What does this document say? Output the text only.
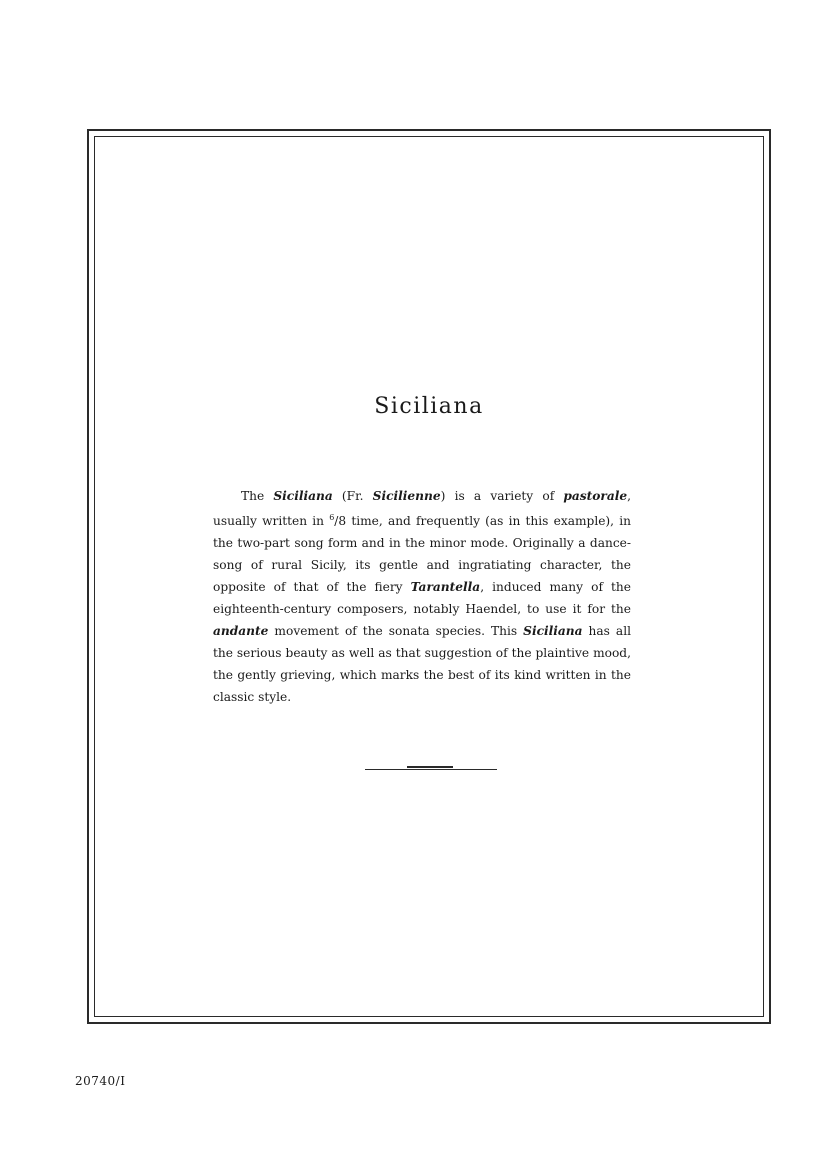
Siciliana

The Siciliana (Fr. Sicilienne) is a variety of pastorale, usually written in $^6$/8 time, and frequently (as in this example), in the two-part song form and in the minor mode. Originally a dance-song of rural Sicily, its gentle and ingratiating character, the opposite of that of the fiery Tarantella, induced many of the eighteenth-century composers, notably Haendel, to use it for the andante movement of the sonata species. This Siciliana has all the serious beauty as well as that suggestion of the plaintive mood, the gently grieving, which marks the best of its kind written in the classic style.

20740/I
